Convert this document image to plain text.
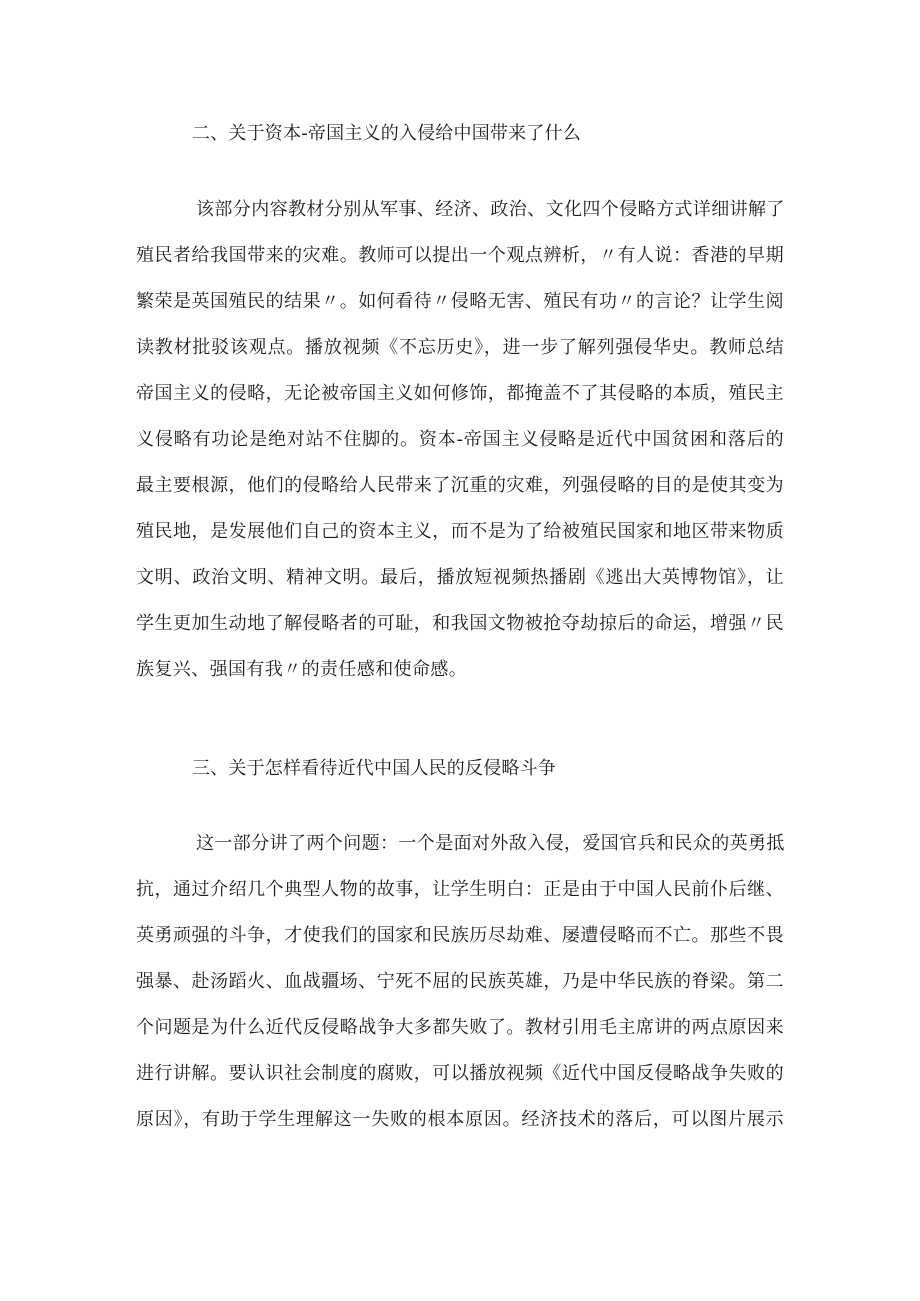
二、关于资本-帝国主义的入侵给中国带来了什么
该部分内容教材分别从军事、经济、政治、文化四个侵略方式详细讲解了
殖民者给我国带来的灾难。教师可以提出一个观点辨析，〃有人说：香港的早期
繁荣是英国殖民的结果〃。如何看待〃侵略无害、殖民有功〃的言论？让学生阅
读教材批驳该观点。播放视频《不忘历史》，进一步了解列强侵华史。教师总结
帝国主义的侵略，无论被帝国主义如何修饰，都掩盖不了其侵略的本质，殖民主
义侵略有功论是绝对站不住脚的。资本-帝国主义侵略是近代中国贫困和落后的
最主要根源，他们的侵略给人民带来了沉重的灾难，列强侵略的目的是使其变为
殖民地，是发展他们自己的资本主义，而不是为了给被殖民国家和地区带来物质
文明、政治文明、精神文明。最后，播放短视频热播剧《逃出大英博物馆》，让
学生更加生动地了解侵略者的可耻，和我国文物被抢夺劫掠后的命运，增强〃民
族复兴、强国有我〃的责任感和使命感。
三、关于怎样看待近代中国人民的反侵略斗争
这一部分讲了两个问题：一个是面对外敌入侵，爱国官兵和民众的英勇抵
抗，通过介绍几个典型人物的故事，让学生明白：正是由于中国人民前仆后继、
英勇顽强的斗争，才使我们的国家和民族历尽劫难、屡遭侵略而不亡。那些不畏
强暴、赴汤蹈火、血战疆场、宁死不屈的民族英雄，乃是中华民族的脊梁。第二
个问题是为什么近代反侵略战争大多都失败了。教材引用毛主席讲的两点原因来
进行讲解。要认识社会制度的腐败，可以播放视频《近代中国反侵略战争失败的
原因》，有助于学生理解这一失败的根本原因。经济技术的落后，可以图片展示
